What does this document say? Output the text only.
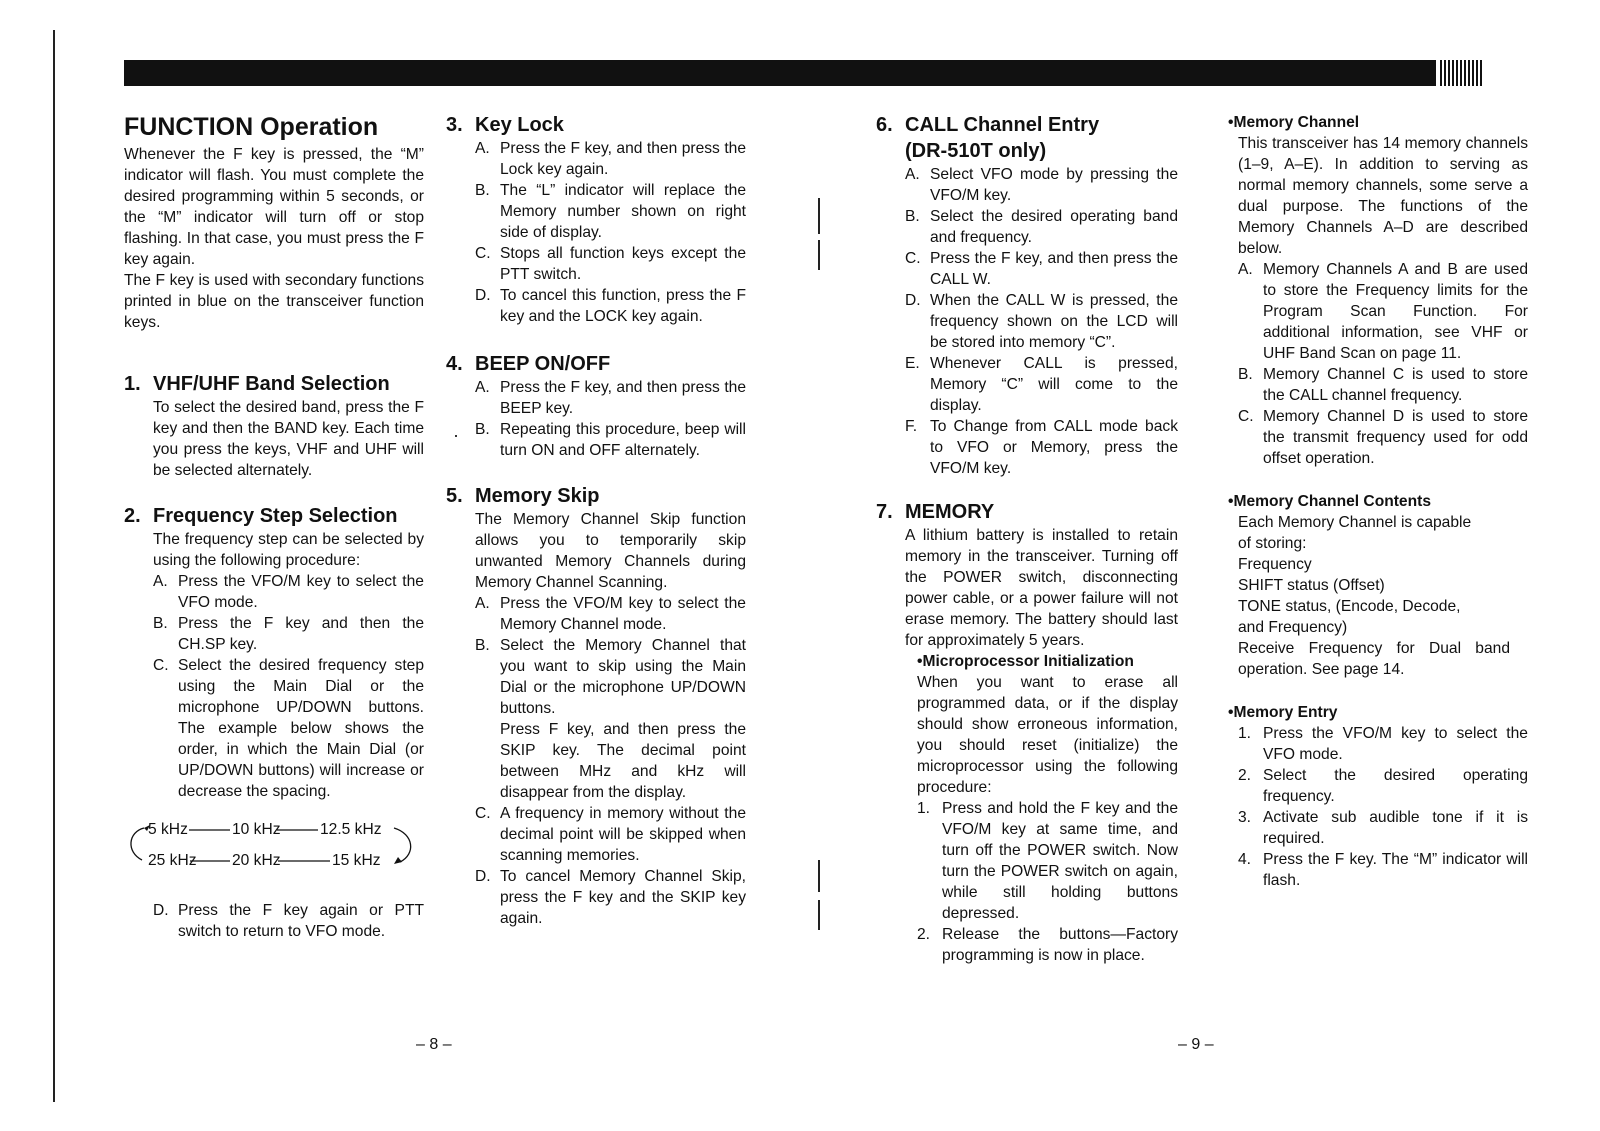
FUNCTION Operation
Whenever the F key is pressed, the “M” indicator will flash. You must complete the desired programming within 5 seconds, or the “M” indicator will turn off or stop flashing. In that case, you must press the F key again.
The F key is used with secondary functions printed in blue on the transceiver function keys.
1. VHF/UHF Band Selection
To select the desired band, press the F key and then the BAND key. Each time you press the keys, VHF and UHF will be selected alternately.
2. Frequency Step Selection
The frequency step can be selected by using the following procedure:
A. Press the VFO/M key to select the VFO mode.
B. Press the F key and then the CH.SP key.
C. Select the desired frequency step using the Main Dial or the microphone UP/DOWN buttons. The example below shows the order, in which the Main Dial (or UP/DOWN buttons) will increase or decrease the spacing.
5 kHz	10 kHz	12.5 kHz
25 kHz 20 kHz	15 kHz
D. Press the F key again or PTT switch to return to VFO mode.
3. Key Lock
A. Press the F key, and then press the Lock key again.
B. The “L” indicator will replace the Memory number shown on right side of display.
C. Stops all function keys except the PTT switch.
D. To cancel this function, press the F key and the LOCK key again.
4. BEEP ON/OFF
A. Press the F key, and then press the BEEP key.
B. Repeating this procedure, beep will turn ON and OFF alternately.
5. Memory Skip
The Memory Channel Skip function allows you to temporarily skip unwanted Memory Channels during Memory Channel Scanning.
A. Press the VFO/M key to select the Memory Channel mode.
B. Select the Memory Channel that you want to skip using the Main Dial or the microphone UP/DOWN buttons.
Press F key, and then press the SKIP key. The decimal point between MHz and kHz will disappear from the display.
C. A frequency in memory without the decimal point will be skipped when scanning memories.
D. To cancel Memory Channel Skip, press the F key and the SKIP key again.
6. CALL Channel Entry
(DR-510T only)
A. Select VFO mode by pressing the VFO/M key.
B. Select the desired operating band and frequency.
C. Press the F key, and then press the CALL W.
D. When the CALL W is pressed, the frequency shown on the LCD will be stored into memory “C”.
E. Whenever CALL is pressed, Memory “C” will come to the display.
F. To Change from CALL mode back to VFO or Memory, press the VFO/M key.
7. MEMORY
A lithium battery is installed to retain memory in the transceiver. Turning off the POWER switch, disconnecting power cable, or a power failure will not erase memory. The battery should last for approximately 5 years.
•Microprocessor Initialization
When you want to erase all programmed data, or if the display should show erroneous information, you should reset (initialize) the microprocessor using the following procedure:
1. Press and hold the F key and the VFO/M key at same time, and turn off the POWER switch. Now turn the POWER switch on again, while still holding buttons depressed.
2. Release the buttons—Factory programming is now in place.
•Memory Channel
This transceiver has 14 memory channels (1–9, A–E). In addition to serving as normal memory channels, some serve a dual purpose. The functions of the Memory Channels A–D are described below.
A. Memory Channels A and B are used to store the Frequency limits for the Program Scan Function. For additional information, see VHF or UHF Band Scan on page 11.
B. Memory Channel C is used to store the CALL channel frequency.
C. Memory Channel D is used to store the transmit frequency used for odd offset operation.
•Memory Channel Contents
Each Memory Channel is capable
of storing:
Frequency
SHIFT status (Offset)
TONE status, (Encode, Decode,
and Frequency)
Receive Frequency for Dual band operation. See page 14.
•Memory Entry
1. Press the VFO/M key to select the VFO mode.
2. Select the desired operating frequency.
3. Activate sub audible tone if it is required.
4. Press the F key. The “M” indicator will flash.
– 8 –	– 9 –
